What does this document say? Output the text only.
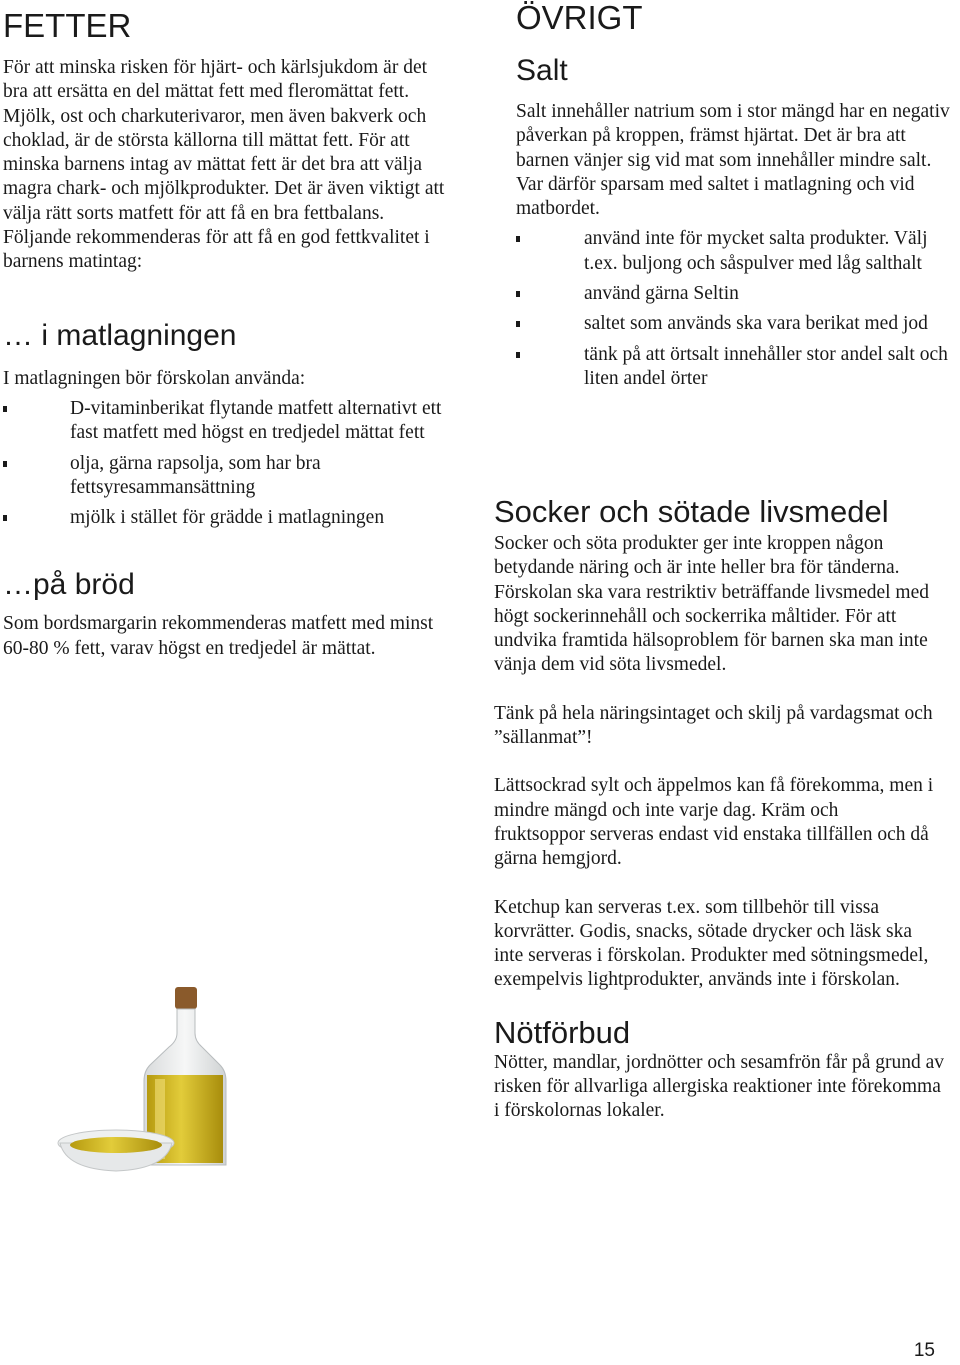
FETTER

För att minska risken för hjärt- och kärlsjukdom är det bra att ersätta en del mättat fett med fleromättat fett. Mjölk, ost och charkuterivaror, men även bakverk och choklad, är de största källorna till mättat fett. För att minska barnens intag av mättat fett är det bra att välja magra chark- och mjölkprodukter. Det är även viktigt att välja rätt sorts matfett för att få en bra fettbalans. Följande rekommenderas för att få en god fettkvalitet i barnens matintag:

… i matlagningen

I matlagningen bör förskolan använda:

D-vitaminberikat flytande matfett alternativt ett fast matfett med högst en tredjedel mättat fett
olja, gärna rapsolja, som har bra fettsyresammansättning
mjölk i stället för grädde i matlagningen
…på bröd

Som bordsmargarin rekommenderas matfett med minst 60-80 % fett, varav högst en tredjedel är mättat.

ÖVRIGT
Salt

Salt innehåller natrium som i stor mängd har en negativ påverkan på kroppen, främst hjärtat. Det är bra att barnen vänjer sig vid mat som innehåller mindre salt. Var därför sparsam med saltet i matlagning och vid matbordet.

använd inte för mycket salta produkter. Välj t.ex. buljong och såspulver med låg salthalt
använd gärna Seltin
saltet som används ska vara berikat med jod
tänk på att örtsalt innehåller stor andel salt och liten andel örter
Socker och sötade livsmedel

Socker och söta produkter ger inte kroppen någon betydande näring och är inte heller bra för tänderna. Förskolan ska vara restriktiv beträffande livsmedel med högt sockerinnehåll och sockerrika måltider. För att undvika framtida hälsoproblem för barnen ska man inte vänja dem vid söta livsmedel.

Tänk på hela näringsintaget och skilj på vardagsmat och ”sällanmat”!

Lättsockrad sylt och äppelmos kan få förekomma, men i mindre mängd och inte varje dag. Kräm och fruktsoppor serveras endast vid enstaka tillfällen och då gärna hemgjord.

Ketchup kan serveras t.ex. som tillbehör till vissa korvrätter. Godis, snacks, sötade drycker och läsk ska inte serveras i förskolan. Produkter med sötningsmedel, exempelvis lightprodukter, används inte i förskolan.

Nötförbud

Nötter, mandlar, jordnötter och sesamfrön får på grund av risken för allvarliga allergiska reaktioner inte förekomma i förskolornas lokaler.

15
